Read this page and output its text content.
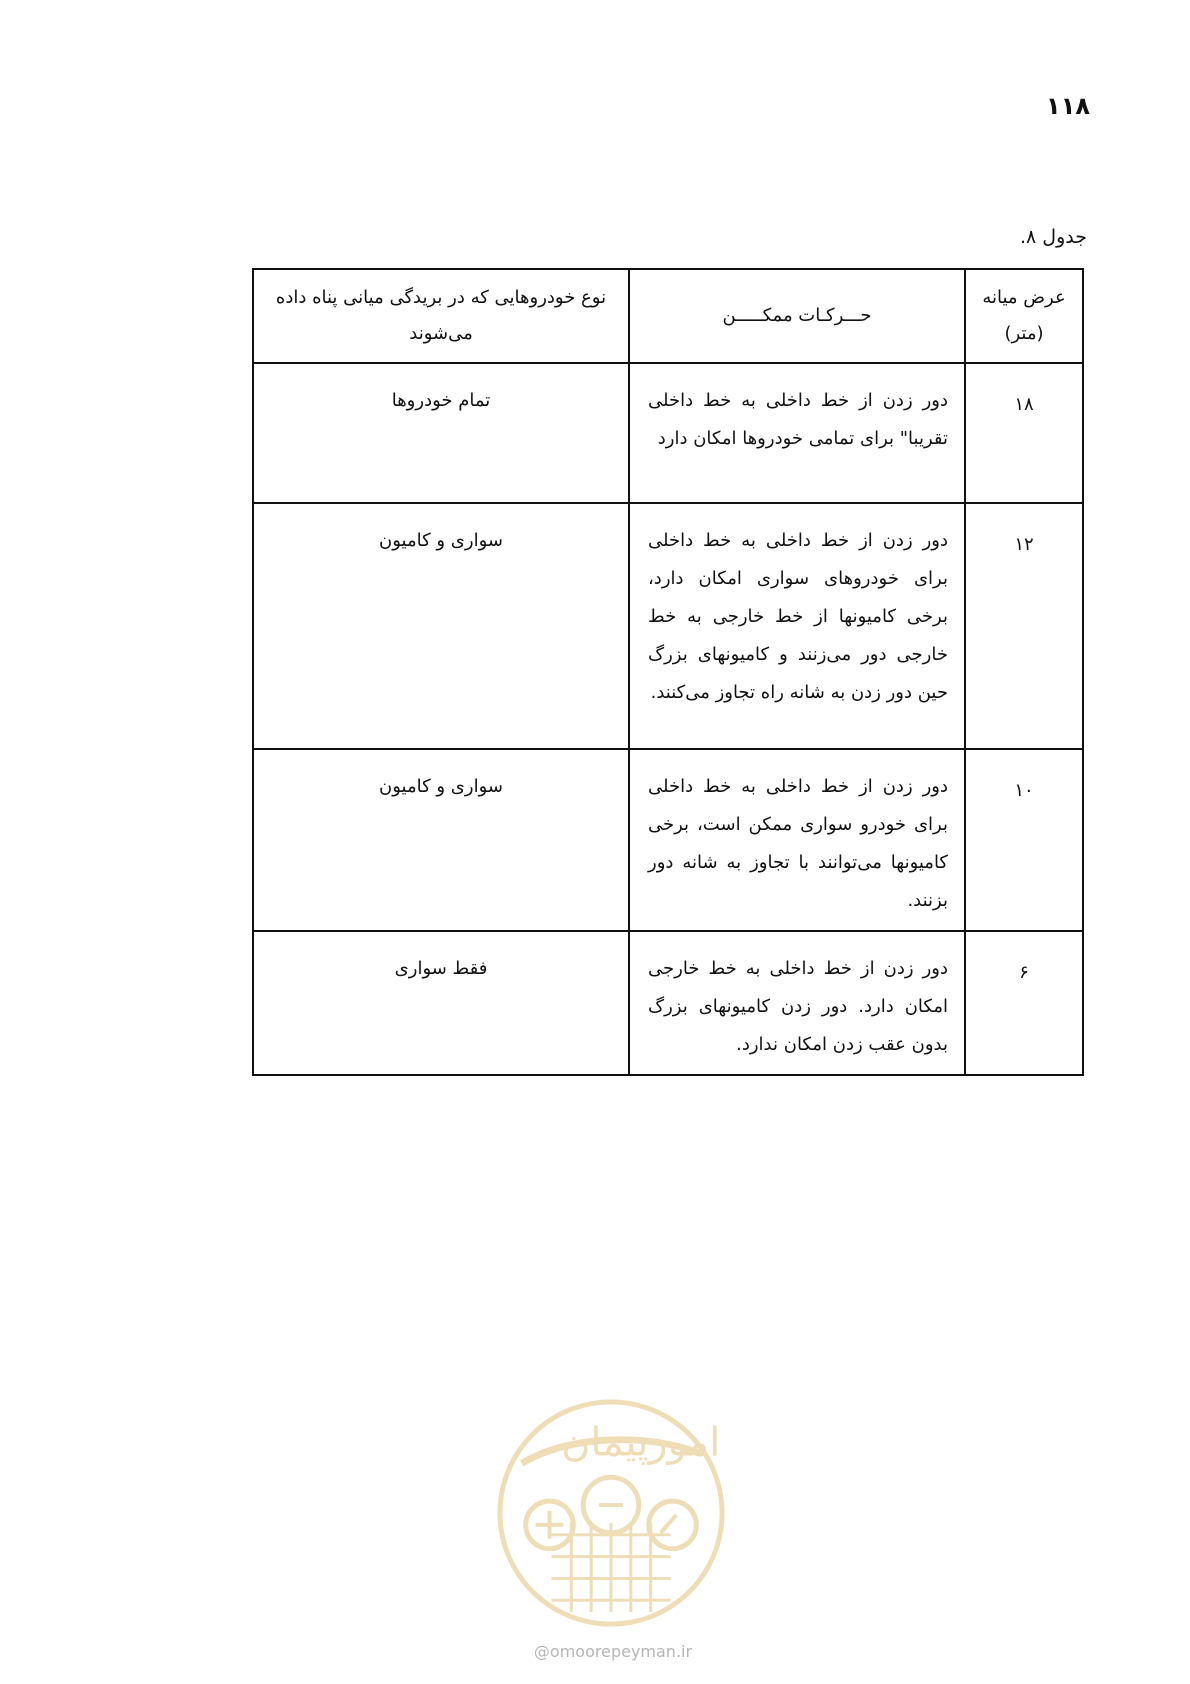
۱۱۸
جدول ۸.
عرض میانه (متر)	حـــرکـات ممکـــــن	نوع خودروهایی که در بریدگی میانی پناه داده می‌شوند
۱۸	دور زدن از خط داخلی به خط داخلی تقریبا" برای تمامی خودروها امکان دارد	تمام خودروها
۱۲	دور زدن از خط داخلی به خط داخلی برای خودروهای سواری امکان دارد، برخی کامیونها از خط خارجی به خط خارجی دور می‌زنند و کامیونهای بزرگ حین دور زدن به شانه راه تجاوز می‌کنند.	سواری و کامیون
۱۰	دور زدن از خط داخلی به خط داخلی برای خودرو سواری ممکن است، برخی کامیونها می‌توانند با تجاوز به شانه دور بزنند.	سواری و کامیون
۶	دور زدن از خط داخلی به خط خارجی امکان دارد. دور زدن کامیونهای بزرگ بدون عقب زدن امکان ندارد.	فقط سواری
امورپیمان
@omoorepeyman.ir
